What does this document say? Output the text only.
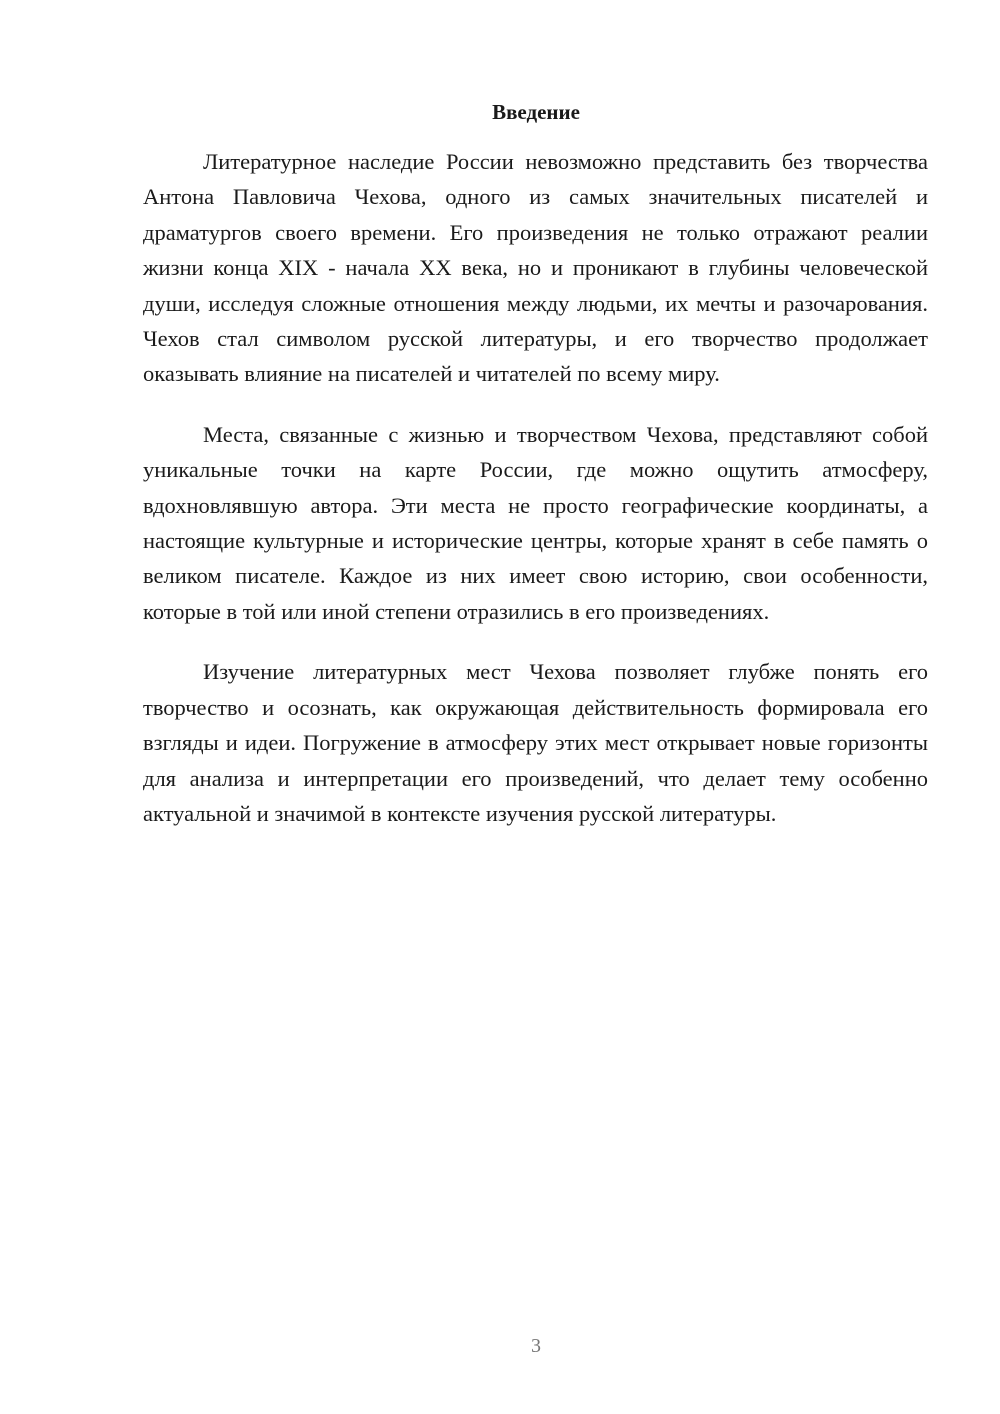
Введение

Литературное наследие России невозможно представить без творчества Антона Павловича Чехова, одного из самых значительных писателей и драматургов своего времени. Его произведения не только отражают реалии жизни конца XIX - начала XX века, но и проникают в глубины человеческой души, исследуя сложные отношения между людьми, их мечты и разочарования. Чехов стал символом русской литературы, и его творчество продолжает оказывать влияние на писателей и читателей по всему миру.

Места, связанные с жизнью и творчеством Чехова, представляют собой уникальные точки на карте России, где можно ощутить атмосферу, вдохновлявшую автора. Эти места не просто географические координаты, а настоящие культурные и исторические центры, которые хранят в себе память о великом писателе. Каждое из них имеет свою историю, свои особенности, которые в той или иной степени отразились в его произведениях.

Изучение литературных мест Чехова позволяет глубже понять его творчество и осознать, как окружающая действительность формировала его взгляды и идеи. Погружение в атмосферу этих мест открывает новые горизонты для анализа и интерпретации его произведений, что делает тему особенно актуальной и значимой в контексте изучения русской литературы.

3
